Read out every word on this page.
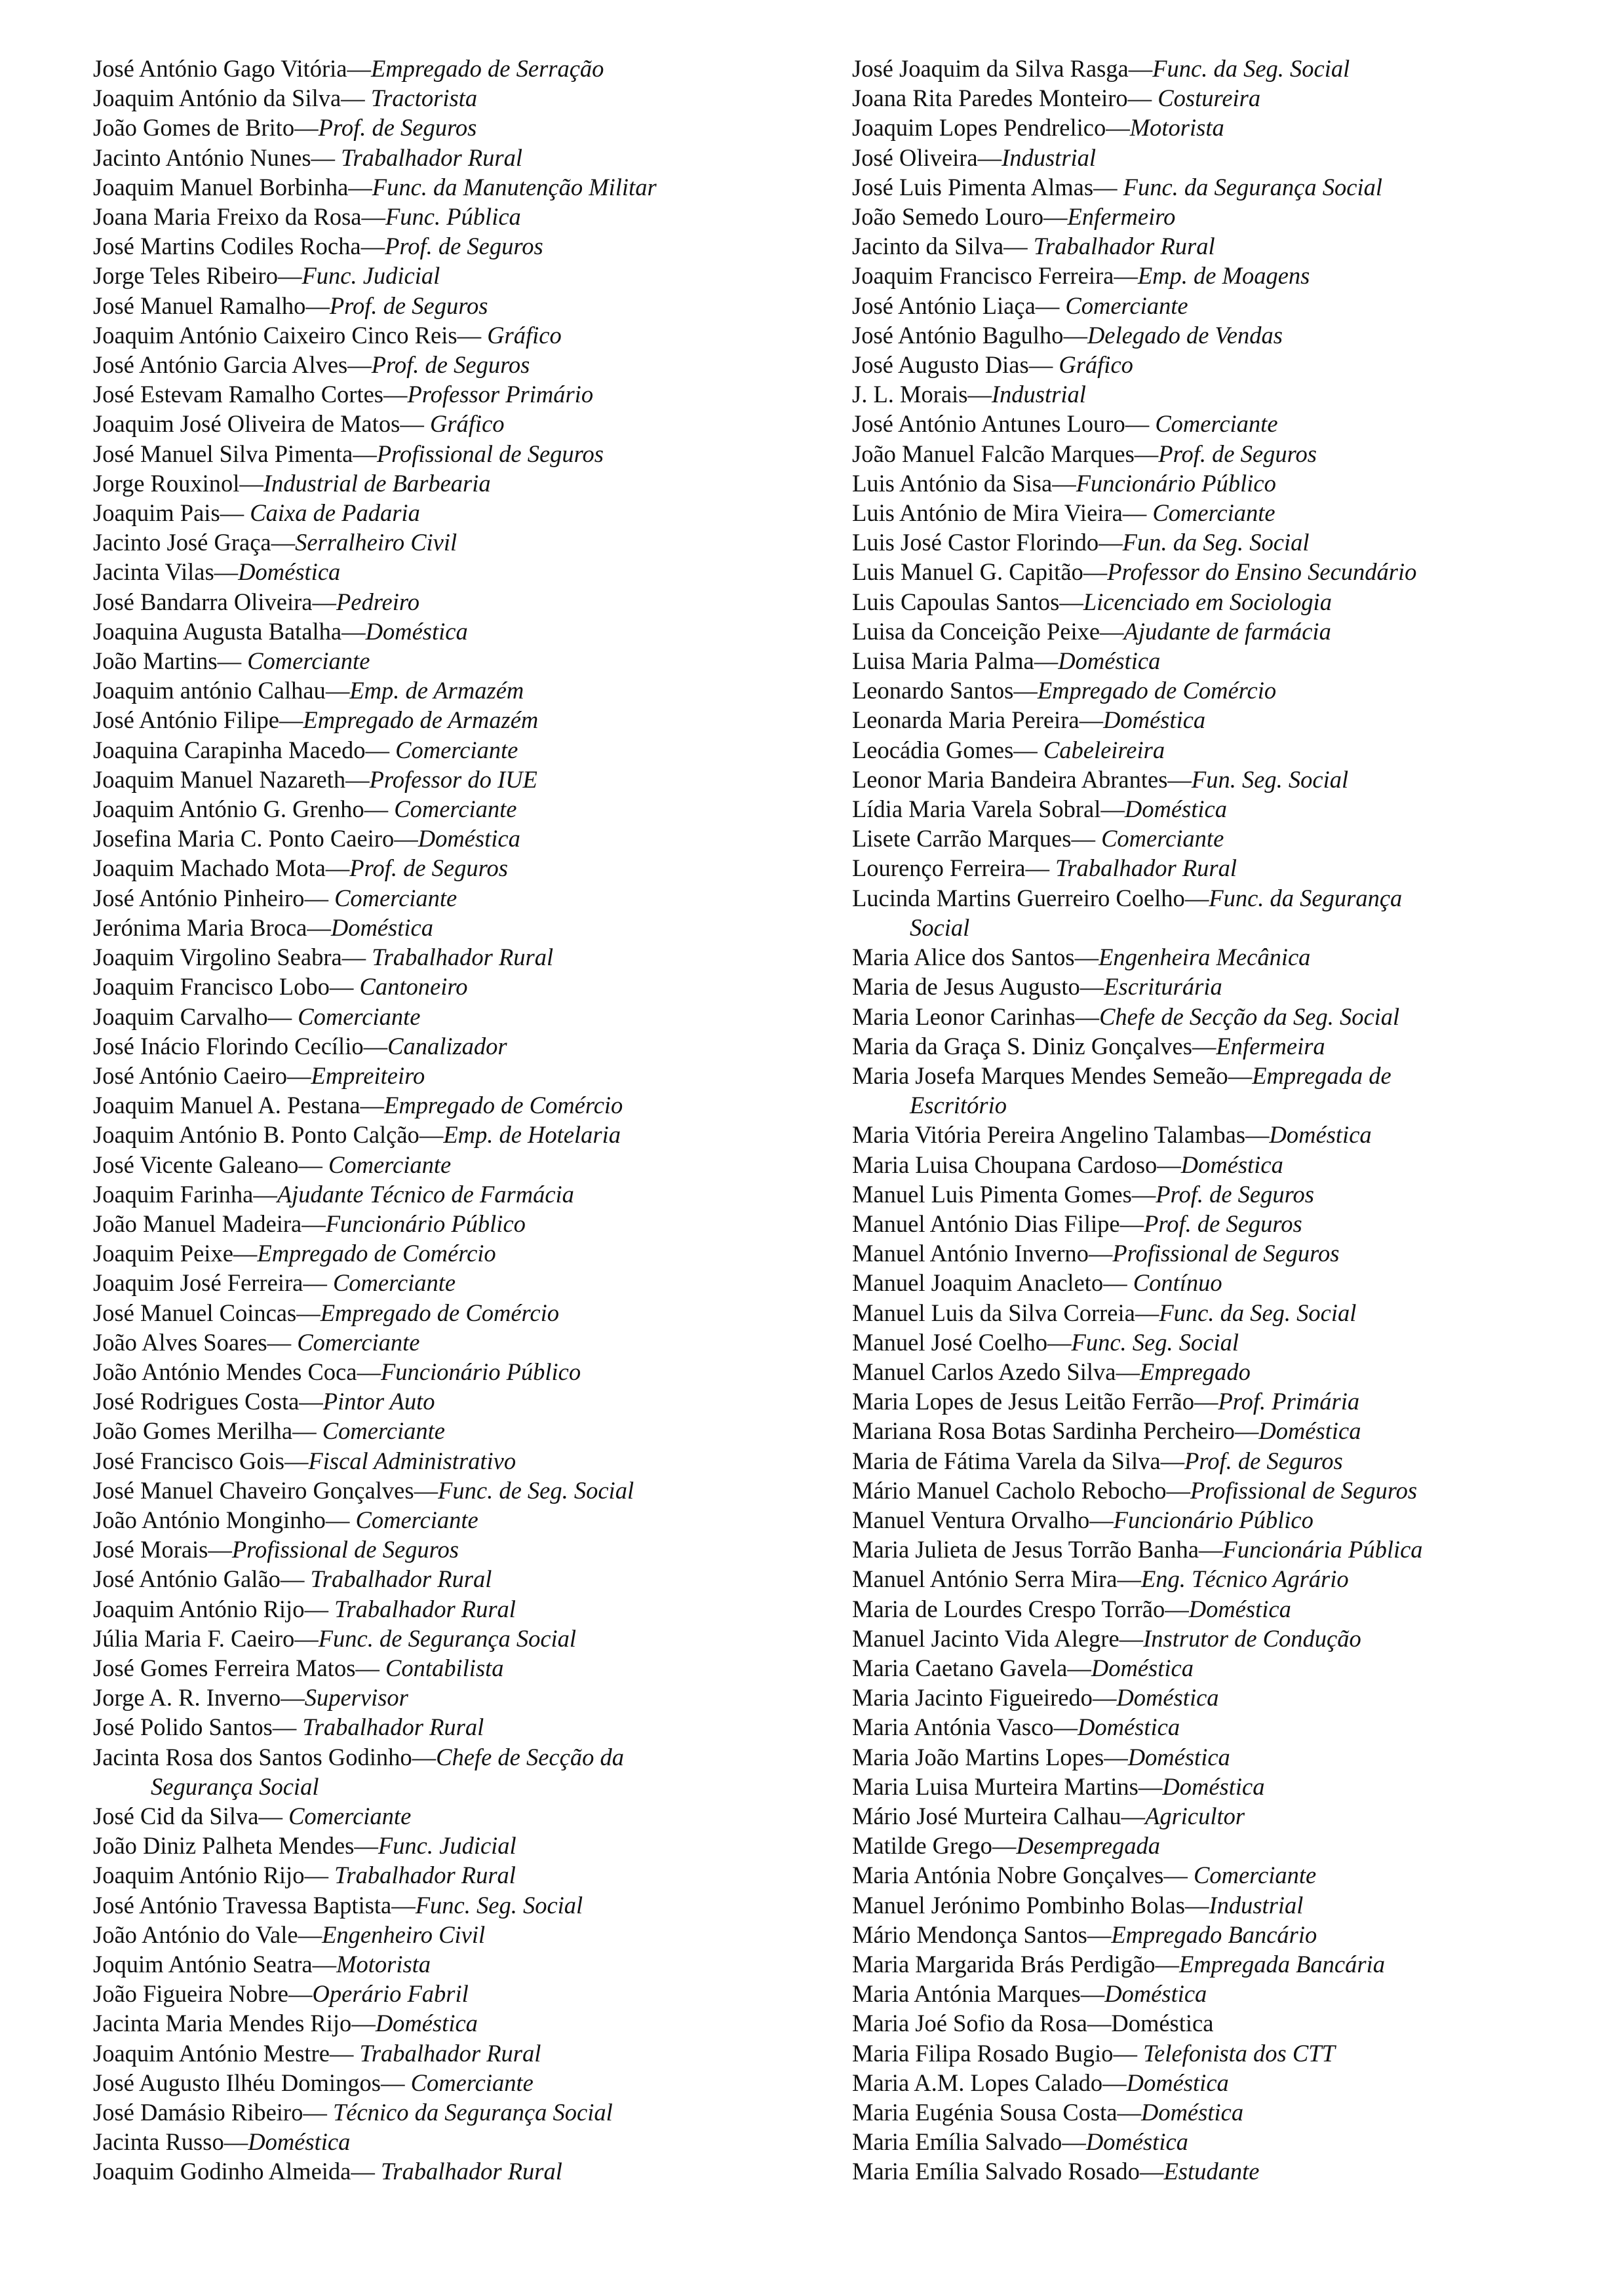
José António Gago Vitória—Empregado de Serração
Joaquim António da Silva— Tractorista
João Gomes de Brito—Prof. de Seguros
Jacinto António Nunes— Trabalhador Rural
Joaquim Manuel Borbinha—Func. da Manutenção Militar
Joana Maria Freixo da Rosa—Func. Pública
José Martins Codiles Rocha—Prof. de Seguros
Jorge Teles Ribeiro—Func. Judicial
José Manuel Ramalho—Prof. de Seguros
Joaquim António Caixeiro Cinco Reis— Gráfico
José António Garcia Alves—Prof. de Seguros
José Estevam Ramalho Cortes—Professor Primário
Joaquim José Oliveira de Matos— Gráfico
José Manuel Silva Pimenta—Profissional de Seguros
Jorge Rouxinol—Industrial de Barbearia
Joaquim Pais— Caixa de Padaria
Jacinto José Graça—Serralheiro Civil
Jacinta Vilas—Doméstica
José Bandarra Oliveira—Pedreiro
Joaquina Augusta Batalha—Doméstica
João Martins— Comerciante
Joaquim antónio Calhau—Emp. de Armazém
José António Filipe—Empregado de Armazém
Joaquina Carapinha Macedo— Comerciante
Joaquim Manuel Nazareth—Professor do IUE
Joaquim António G. Grenho— Comerciante
Josefina Maria C. Ponto Caeiro—Doméstica
Joaquim Machado Mota—Prof. de Seguros
José António Pinheiro— Comerciante
Jerónima Maria Broca—Doméstica
Joaquim Virgolino Seabra— Trabalhador Rural
Joaquim Francisco Lobo— Cantoneiro
Joaquim Carvalho— Comerciante
José Inácio Florindo Cecílio—Canalizador
José António Caeiro—Empreiteiro
Joaquim Manuel A. Pestana—Empregado de Comércio
Joaquim António B. Ponto Calção—Emp. de Hotelaria
José Vicente Galeano— Comerciante
Joaquim Farinha—Ajudante Técnico de Farmácia
João Manuel Madeira—Funcionário Público
Joaquim Peixe—Empregado de Comércio
Joaquim José Ferreira— Comerciante
José Manuel Coincas—Empregado de Comércio
João Alves Soares— Comerciante
João António Mendes Coca—Funcionário Público
José Rodrigues Costa—Pintor Auto
João Gomes Merilha— Comerciante
José Francisco Gois—Fiscal Administrativo
José Manuel Chaveiro Gonçalves—Func. de Seg. Social
João António Monginho— Comerciante
José Morais—Profissional de Seguros
José António Galão— Trabalhador Rural
Joaquim António Rijo— Trabalhador Rural
Júlia Maria F. Caeiro—Func. de Segurança Social
José Gomes Ferreira Matos— Contabilista
Jorge A. R. Inverno—Supervisor
José Polido Santos— Trabalhador Rural
Jacinta Rosa dos Santos Godinho—Chefe de Secção da
Segurança Social
José Cid da Silva— Comerciante
João Diniz Palheta Mendes—Func. Judicial
Joaquim António Rijo— Trabalhador Rural
José António Travessa Baptista—Func. Seg. Social
João António do Vale—Engenheiro Civil
Joquim António Seatra—Motorista
João Figueira Nobre—Operário Fabril
Jacinta Maria Mendes Rijo—Doméstica
Joaquim António Mestre— Trabalhador Rural
José Augusto Ilhéu Domingos— Comerciante
José Damásio Ribeiro— Técnico da Segurança Social
Jacinta Russo—Doméstica
Joaquim Godinho Almeida— Trabalhador Rural
José Joaquim da Silva Rasga—Func. da Seg. Social
Joana Rita Paredes Monteiro— Costureira
Joaquim Lopes Pendrelico—Motorista
José Oliveira—Industrial
José Luis Pimenta Almas— Func. da Segurança Social
João Semedo Louro—Enfermeiro
Jacinto da Silva— Trabalhador Rural
Joaquim Francisco Ferreira—Emp. de Moagens
José António Liaça— Comerciante
José António Bagulho—Delegado de Vendas
José Augusto Dias— Gráfico
J. L. Morais—Industrial
José António Antunes Louro— Comerciante
João Manuel Falcão Marques—Prof. de Seguros
Luis António da Sisa—Funcionário Público
Luis António de Mira Vieira— Comerciante
Luis José Castor Florindo—Fun. da Seg. Social
Luis Manuel G. Capitão—Professor do Ensino Secundário
Luis Capoulas Santos—Licenciado em Sociologia
Luisa da Conceição Peixe—Ajudante de farmácia
Luisa Maria Palma—Doméstica
Leonardo Santos—Empregado de Comércio
Leonarda Maria Pereira—Doméstica
Leocádia Gomes— Cabeleireira
Leonor Maria Bandeira Abrantes—Fun. Seg. Social
Lídia Maria Varela Sobral—Doméstica
Lisete Carrão Marques— Comerciante
Lourenço Ferreira— Trabalhador Rural
Lucinda Martins Guerreiro Coelho—Func. da Segurança
Social
Maria Alice dos Santos—Engenheira Mecânica
Maria de Jesus Augusto—Escriturária
Maria Leonor Carinhas—Chefe de Secção da Seg. Social
Maria da Graça S. Diniz Gonçalves—Enfermeira
Maria Josefa Marques Mendes Semeão—Empregada de
Escritório
Maria Vitória Pereira Angelino Talambas—Doméstica
Maria Luisa Choupana Cardoso—Doméstica
Manuel Luis Pimenta Gomes—Prof. de Seguros
Manuel António Dias Filipe—Prof. de Seguros
Manuel António Inverno—Profissional de Seguros
Manuel Joaquim Anacleto— Contínuo
Manuel Luis da Silva Correia—Func. da Seg. Social
Manuel José Coelho—Func. Seg. Social
Manuel Carlos Azedo Silva—Empregado
Maria Lopes de Jesus Leitão Ferrão—Prof. Primária
Mariana Rosa Botas Sardinha Percheiro—Doméstica
Maria de Fátima Varela da Silva—Prof. de Seguros
Mário Manuel Cacholo Rebocho—Profissional de Seguros
Manuel Ventura Orvalho—Funcionário Público
Maria Julieta de Jesus Torrão Banha—Funcionária Pública
Manuel António Serra Mira—Eng. Técnico Agrário
Maria de Lourdes Crespo Torrão—Doméstica
Manuel Jacinto Vida Alegre—Instrutor de Condução
Maria Caetano Gavela—Doméstica
Maria Jacinto Figueiredo—Doméstica
Maria Antónia Vasco—Doméstica
Maria João Martins Lopes—Doméstica
Maria Luisa Murteira Martins—Doméstica
Mário José Murteira Calhau—Agricultor
Matilde Grego—Desempregada
Maria Antónia Nobre Gonçalves— Comerciante
Manuel Jerónimo Pombinho Bolas—Industrial
Mário Mendonça Santos—Empregado Bancário
Maria Margarida Brás Perdigão—Empregada Bancária
Maria Antónia Marques—Doméstica
Maria Joé Sofio da Rosa—Doméstica
Maria Filipa Rosado Bugio— Telefonista dos CTT
Maria A.M. Lopes Calado—Doméstica
Maria Eugénia Sousa Costa—Doméstica
Maria Emília Salvado—Doméstica
Maria Emília Salvado Rosado—Estudante
